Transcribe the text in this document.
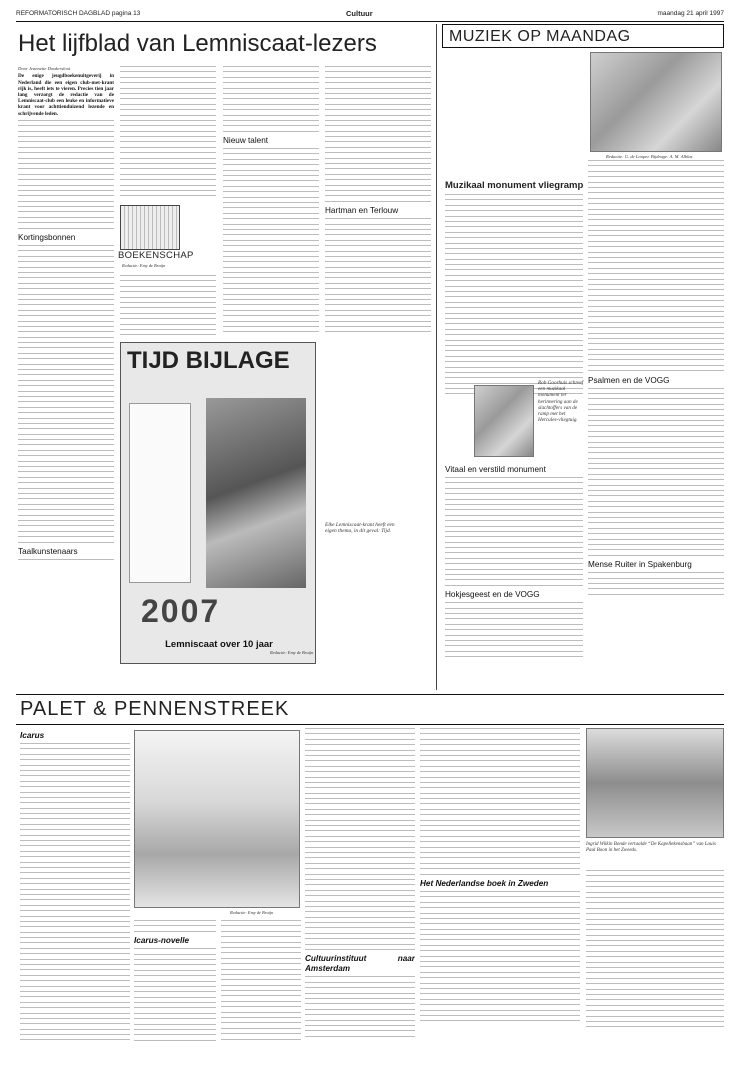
REFORMATORISCH DAGBLAD pagina 13	Cultuur	maandag 21 april 1997
Het lijfblad van Lemniscaat-lezers

Door Jeannette Donkersloot

De enige jeugdboekenuitgeverij in Nederland die een eigen club-met-krant rijk is, heeft iets te vieren. Precies tien jaar lang verzorgt de redactie van de Lemniscaat-club een leuke en informatieve krant voor achttienduizend lezende en schrijvende leden.

Kortingsbonnen
Taalkunstenaars
BOEKENSCHAP
Redactie: Emy de Bruijn
Nieuw talent
Hartman en Terlouw
TIJD BIJLAGE
2007
Lemniscaat over 10 jaar
Elke Lemniscaat-krant heeft een eigen thema, in dit geval: Tijd.
Redactie: Emy de Bruijn
MUZIEK OP MAANDAG
Redactie: G. de Looper. Bijdrage: A. M. Alblas
Muzikaal monument vliegramp
Rob Goorhuis schreef een muzikaal monument ter herinnering aan de slachtoffers van de ramp met het Hercules-vliegtuig.
Vitaal en verstild monument
Hokjesgeest en de VOGG
Psalmen en de VOGG
Mense Ruiter in Spakenburg
PALET & PENNENSTREEK
Icarus
Redactie: Emy de Bruijn
Icarus-novelle
Cultuurinstituut naar Amsterdam
Het Nederlandse boek in Zweden
Ingrid Wilkin Bonde vertaalde “De Kapellekensbaan” van Louis Paul Boon in het Zweeds.
